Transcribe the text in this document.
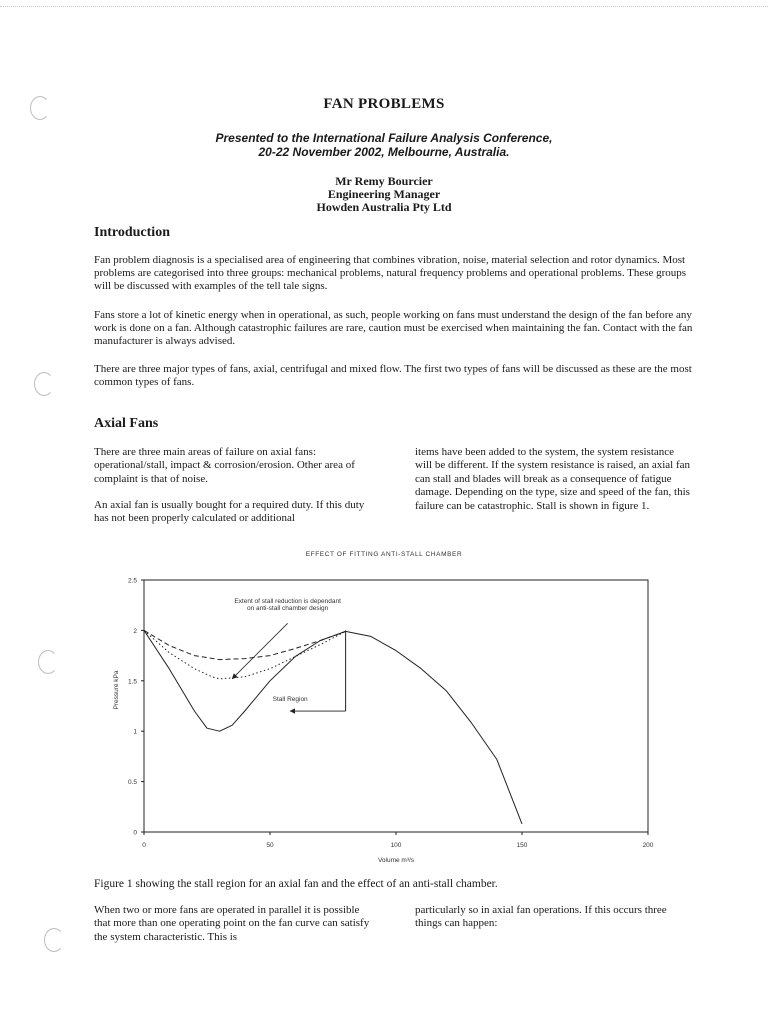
FAN PROBLEMS
Presented to the International Failure Analysis Conference,
20-22 November 2002, Melbourne, Australia.
Mr Remy Bourcier
Engineering Manager
Howden Australia Pty Ltd
Introduction

Fan problem diagnosis is a specialised area of engineering that combines vibration, noise, material selection and rotor dynamics. Most problems are categorised into three groups: mechanical problems, natural frequency problems and operational problems. These groups will be discussed with examples of the tell tale signs.

Fans store a lot of kinetic energy when in operational, as such, people working on fans must understand the design of the fan before any work is done on a fan. Although catastrophic failures are rare, caution must be exercised when maintaining the fan. Contact with the fan manufacturer is always advised.

There are three major types of fans, axial, centrifugal and mixed flow. The first two types of fans will be discussed as these are the most common types of fans.

Axial Fans

There are three main areas of failure on axial fans: operational/stall, impact & corrosion/erosion. Other area of complaint is that of noise.

An axial fan is usually bought for a required duty. If this duty has not been properly calculated or additional

items have been added to the system, the system resistance will be different. If the system resistance is raised, an axial fan can stall and blades will break as a consequence of fatigue damage. Depending on the type, size and speed of the fan, this failure can be catastrophic. Stall is shown in figure 1.

EFFECT OF FITTING ANTI-STALL CHAMBER
0
0.5
1
1.5
2
2.5
0	50	100	150	200
Volume m³/s
Pressure kPa
Extent of stall reduction is dependant
on anti-stall chamber design
Stall Region
Figure 1 showing the stall region for an axial fan and the effect of an anti-stall chamber.

When two or more fans are operated in parallel it is possible that more than one operating point on the fan curve can satisfy the system characteristic. This is

particularly so in axial fan operations. If this occurs three things can happen:
